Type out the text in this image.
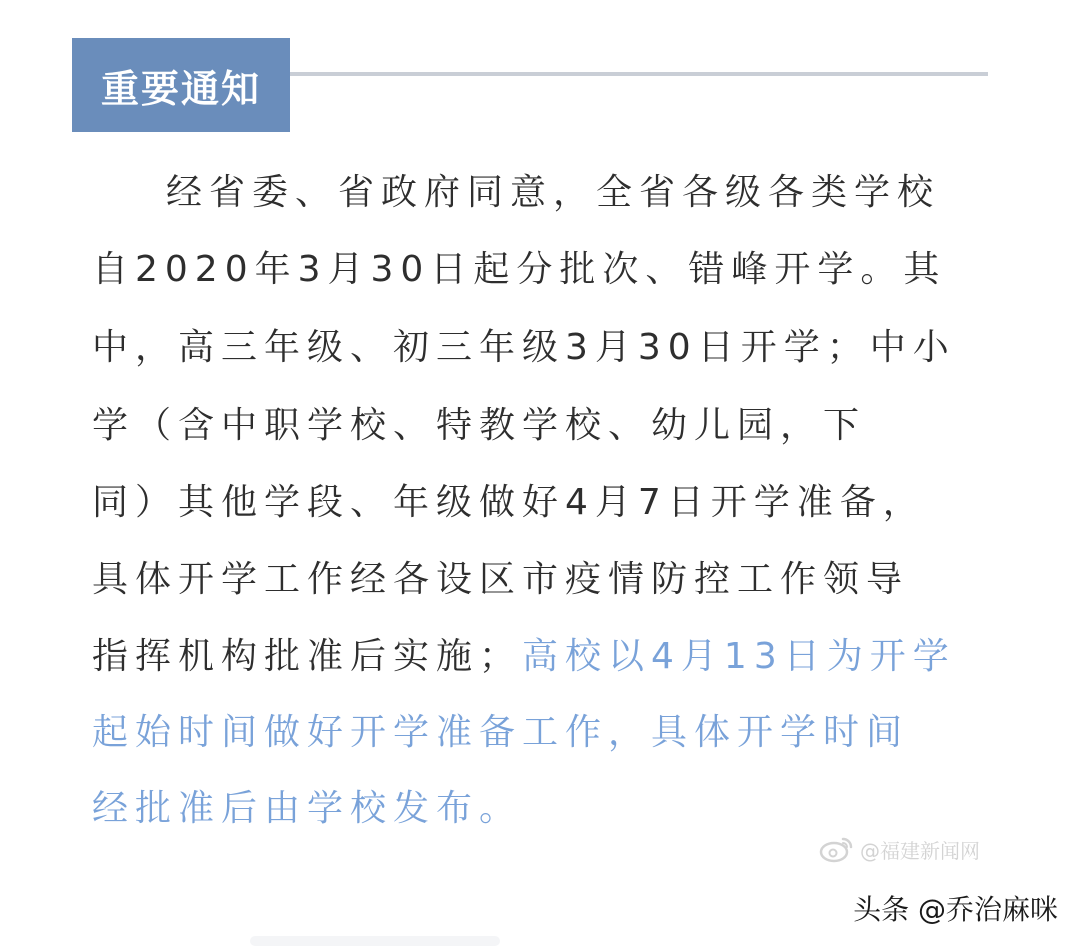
重要通知
经省委、省政府同意，全省各级各类学校
自2020年3月30日起分批次、错峰开学。其
中，高三年级、初三年级3月30日开学；中小
学（含中职学校、特教学校、幼儿园，下
同）其他学段、年级做好4月7日开学准备，
具体开学工作经各设区市疫情防控工作领导
指挥机构批准后实施；高校以4月13日为开学
起始时间做好开学准备工作，具体开学时间
经批准后由学校发布。
@福建新闻网
头条 @乔治麻咪
